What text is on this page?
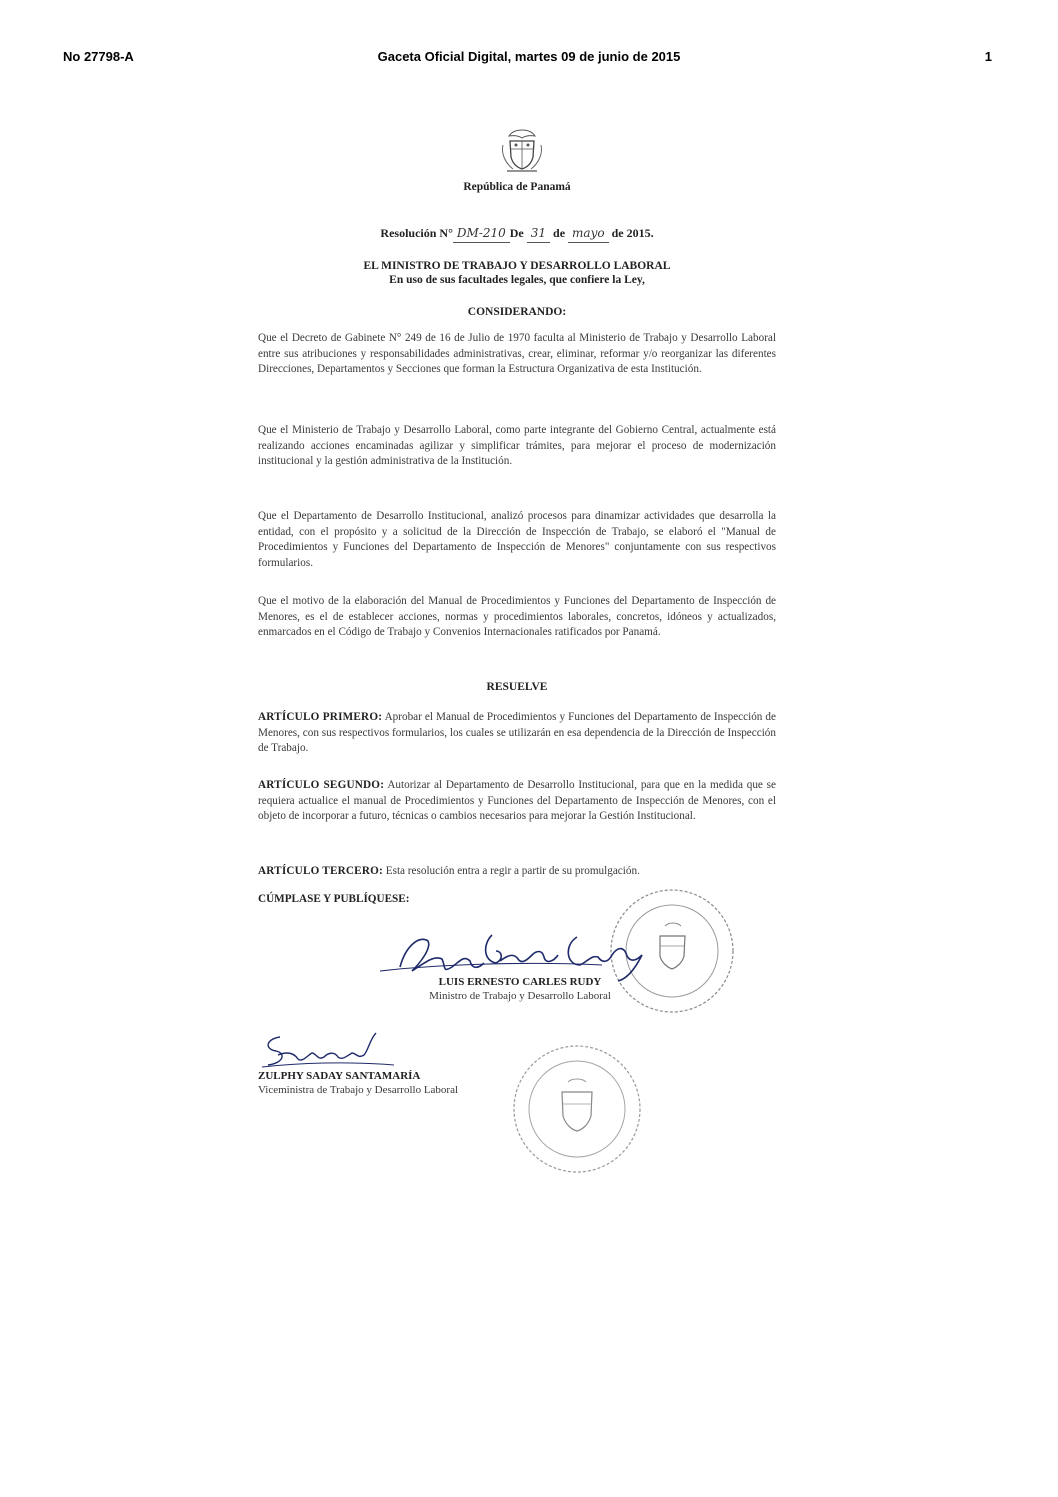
No 27798-A	Gaceta Oficial Digital, martes 09 de junio de 2015	1
República de Panamá
Resolución N° DM-210 De 31 de mayo de 2015.
EL MINISTRO DE TRABAJO Y DESARROLLO LABORAL
En uso de sus facultades legales, que confiere la Ley,
CONSIDERANDO:

Que el Decreto de Gabinete N° 249 de 16 de Julio de 1970 faculta al Ministerio de Trabajo y Desarrollo Laboral entre sus atribuciones y responsabilidades administrativas, crear, eliminar, reformar y/o reorganizar las diferentes Direcciones, Departamentos y Secciones que forman la Estructura Organizativa de esta Institución.

Que el Ministerio de Trabajo y Desarrollo Laboral, como parte integrante del Gobierno Central, actualmente está realizando acciones encaminadas agilizar y simplificar trámites, para mejorar el proceso de modernización institucional y la gestión administrativa de la Institución.

Que el Departamento de Desarrollo Institucional, analizó procesos para dinamizar actividades que desarrolla la entidad, con el propósito y a solicitud de la Dirección de Inspección de Trabajo, se elaboró el "Manual de Procedimientos y Funciones del Departamento de Inspección de Menores" conjuntamente con sus respectivos formularios.

Que el motivo de la elaboración del Manual de Procedimientos y Funciones del Departamento de Inspección de Menores, es el de establecer acciones, normas y procedimientos laborales, concretos, idóneos y actualizados, enmarcados en el Código de Trabajo y Convenios Internacionales ratificados por Panamá.

RESUELVE

ARTÍCULO PRIMERO: Aprobar el Manual de Procedimientos y Funciones del Departamento de Inspección de Menores, con sus respectivos formularios, los cuales se utilizarán en esa dependencia de la Dirección de Inspección de Trabajo.

ARTÍCULO SEGUNDO: Autorizar al Departamento de Desarrollo Institucional, para que en la medida que se requiera actualice el manual de Procedimientos y Funciones del Departamento de Inspección de Menores, con el objeto de incorporar a futuro, técnicas o cambios necesarios para mejorar la Gestión Institucional.

ARTÍCULO TERCERO: Esta resolución entra a regir a partir de su promulgación.

CÚMPLASE Y PUBLÍQUESE:
LUIS ERNESTO CARLES RUDY
Ministro de Trabajo y Desarrollo Laboral
ZULPHY SADAY SANTAMARÍA
Viceministra de Trabajo y Desarrollo Laboral
